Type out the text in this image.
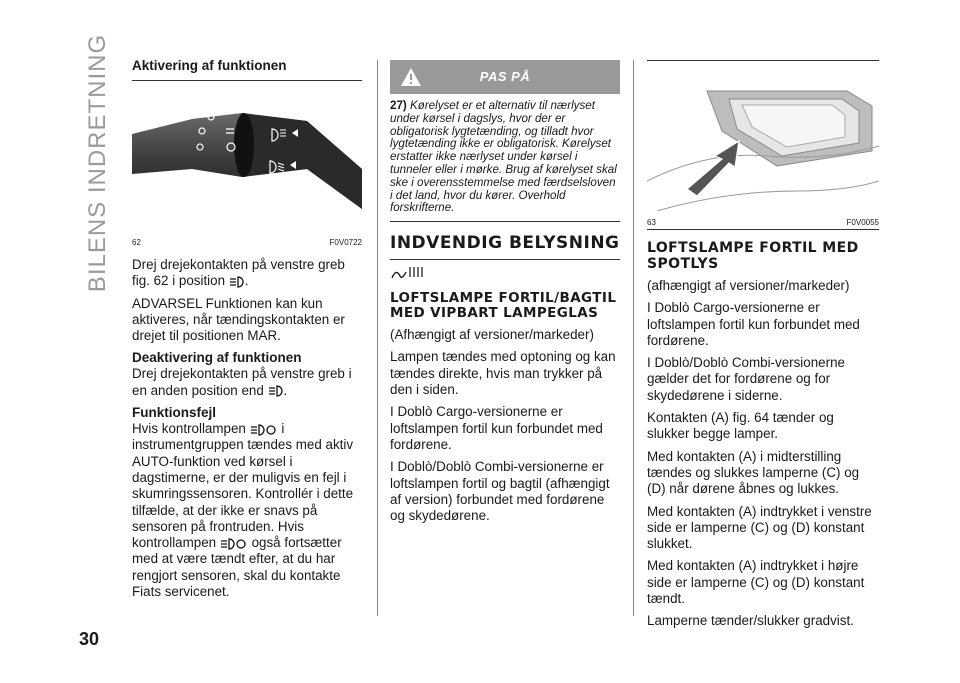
BILENS INDRETNING
30
Aktivering af funktionen
62	F0V0722

Drej drejekontakten på venstre greb fig. 62 i position .

ADVARSEL Funktionen kan kun aktiveres, når tændingskontakten er drejet til positionen MAR.

Deaktivering af funktionen

Drej drejekontakten på venstre greb i en anden position end .

Funktionsfejl

Hvis kontrollampen	i instrumentgruppen tændes med aktiv AUTO-funktion ved kørsel i dagstimerne, er der muligvis en fejl i skumringssensoren. Kontrollér i dette tilfælde, at der ikke er snavs på sensoren på frontruden. Hvis kontrollampen	også fortsætter med at være tændt efter, at du har rengjort sensoren, skal du kontakte Fiats servicenet.

PAS PÅ
27) Kørelyset er et alternativ til nærlyset under kørsel i dagslys, hvor der er obligatorisk lygtetænding, og tilladt hvor lygtetænding ikke er obligatorisk. Kørelyset erstatter ikke nærlyset under kørsel i tunneler eller i mørke. Brug af kørelyset skal ske i overensstemmelse med færdselsloven i det land, hvor du kører. Overhold forskrifterne.
INDVENDIG BELYSNING
LOFTSLAMPE FORTIL/BAGTIL MED VIPBART LAMPEGLAS

(Afhængigt af versioner/markeder)

Lampen tændes med optoning og kan tændes direkte, hvis man trykker på den i siden.

I Doblò Cargo-versionerne er loftslampen fortil kun forbundet med fordørene.

I Doblò/Doblò Combi-versionerne er loftslampen fortil og bagtil (afhængigt af version) forbundet med fordørene og skydedørene.

63	F0V0055
LOFTSLAMPE FORTIL MED SPOTLYS

(afhængigt af versioner/markeder)

I Doblò Cargo-versionerne er loftslampen fortil kun forbundet med fordørene.

I Doblò/Doblò Combi-versionerne gælder det for fordørene og for skydedørene i siderne.

Kontakten (A) fig. 64 tænder og slukker begge lamper.

Med kontakten (A) i midterstilling tændes og slukkes lamperne (C) og (D) når dørene åbnes og lukkes.

Med kontakten (A) indtrykket i venstre side er lamperne (C) og (D) konstant slukket.

Med kontakten (A) indtrykket i højre side er lamperne (C) og (D) konstant tændt.

Lamperne tænder/slukker gradvist.
